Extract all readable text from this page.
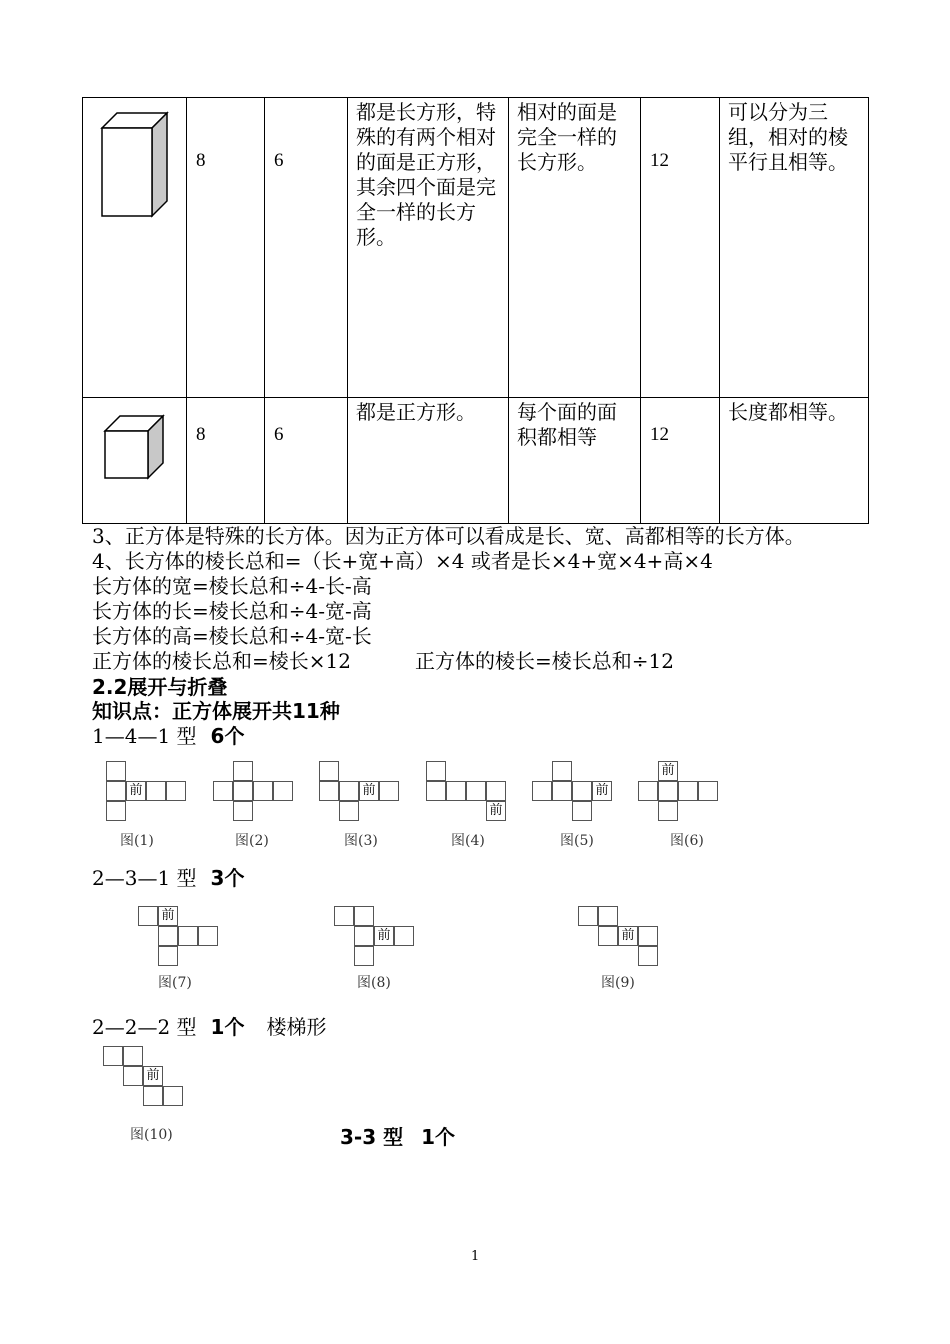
8	6	都是长方形，特殊的有两个相对的面是正方形，其余四个面是完全一样的长方形。	相对的面是完全一样的长方形。	12	可以分为三组，相对的棱平行且相等。

8	6	都是正方形。	每个面的面积都相等	12	长度都相等。
3、正方体是特殊的长方体。因为正方体可以看成是长、宽、高都相等的长方体。
4、长方体的棱长总和=（长+宽+高）×4 或者是长×4+宽×4+高×4
长方体的宽=棱长总和÷4-长-高
长方体的长=棱长总和÷4-宽-高
长方体的高=棱长总和÷4-宽-长
正方体的棱长总和=棱长×12	正方体的棱长=棱长总和÷12
2.2展开与折叠
知识点：正方体展开共11种
1—4—1 型 6个
2—3—1 型 3个
2—2—2 型 1个 楼梯形
3-3 型 1个
前
图(1)	图(2)
前
图(3)
前
图(4)
前
图(5)
前
图(6)
前
图(7)
前
图(8)
前
图(9)
前
图(10)
1
